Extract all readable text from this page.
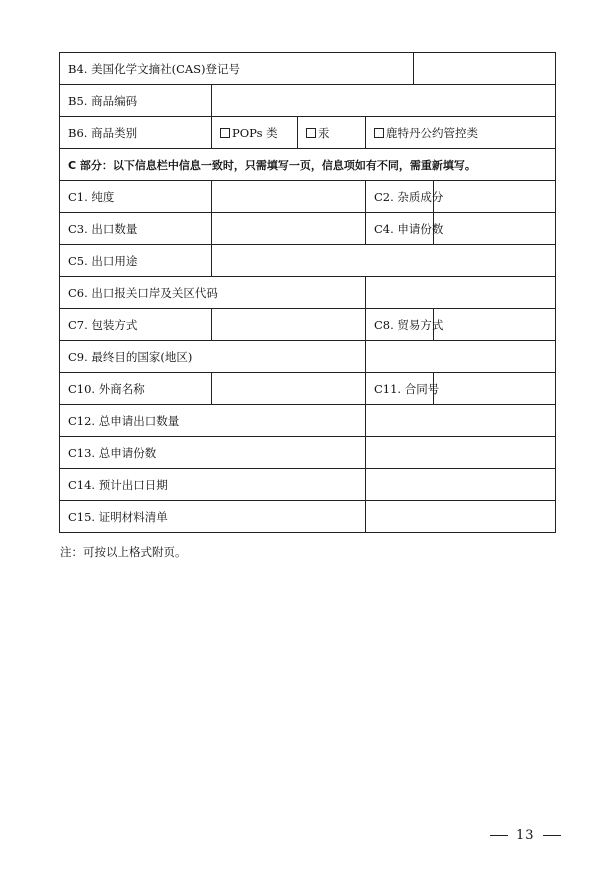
B4. 美国化学文摘社(CAS)登记号					
B5. 商品编码					
B6. 商品类别	POPs 类	汞	鹿特丹公约管控类		
C 部分：以下信息栏中信息一致时，只需填写一页，信息项如有不同，需重新填写。					
C1. 纯度			C2. 杂质成分		
C3. 出口数量			C4. 申请份数		
C5. 出口用途					
C6. 出口报关口岸及关区代码					
C7. 包装方式			C8. 贸易方式		
C9. 最终目的国家(地区)					
C10. 外商名称			C11. 合同号		
C12. 总申请出口数量					
C13. 总申请份数					
C14. 预计出口日期					
C15. 证明材料清单					
注：可按以上格式附页。
13
